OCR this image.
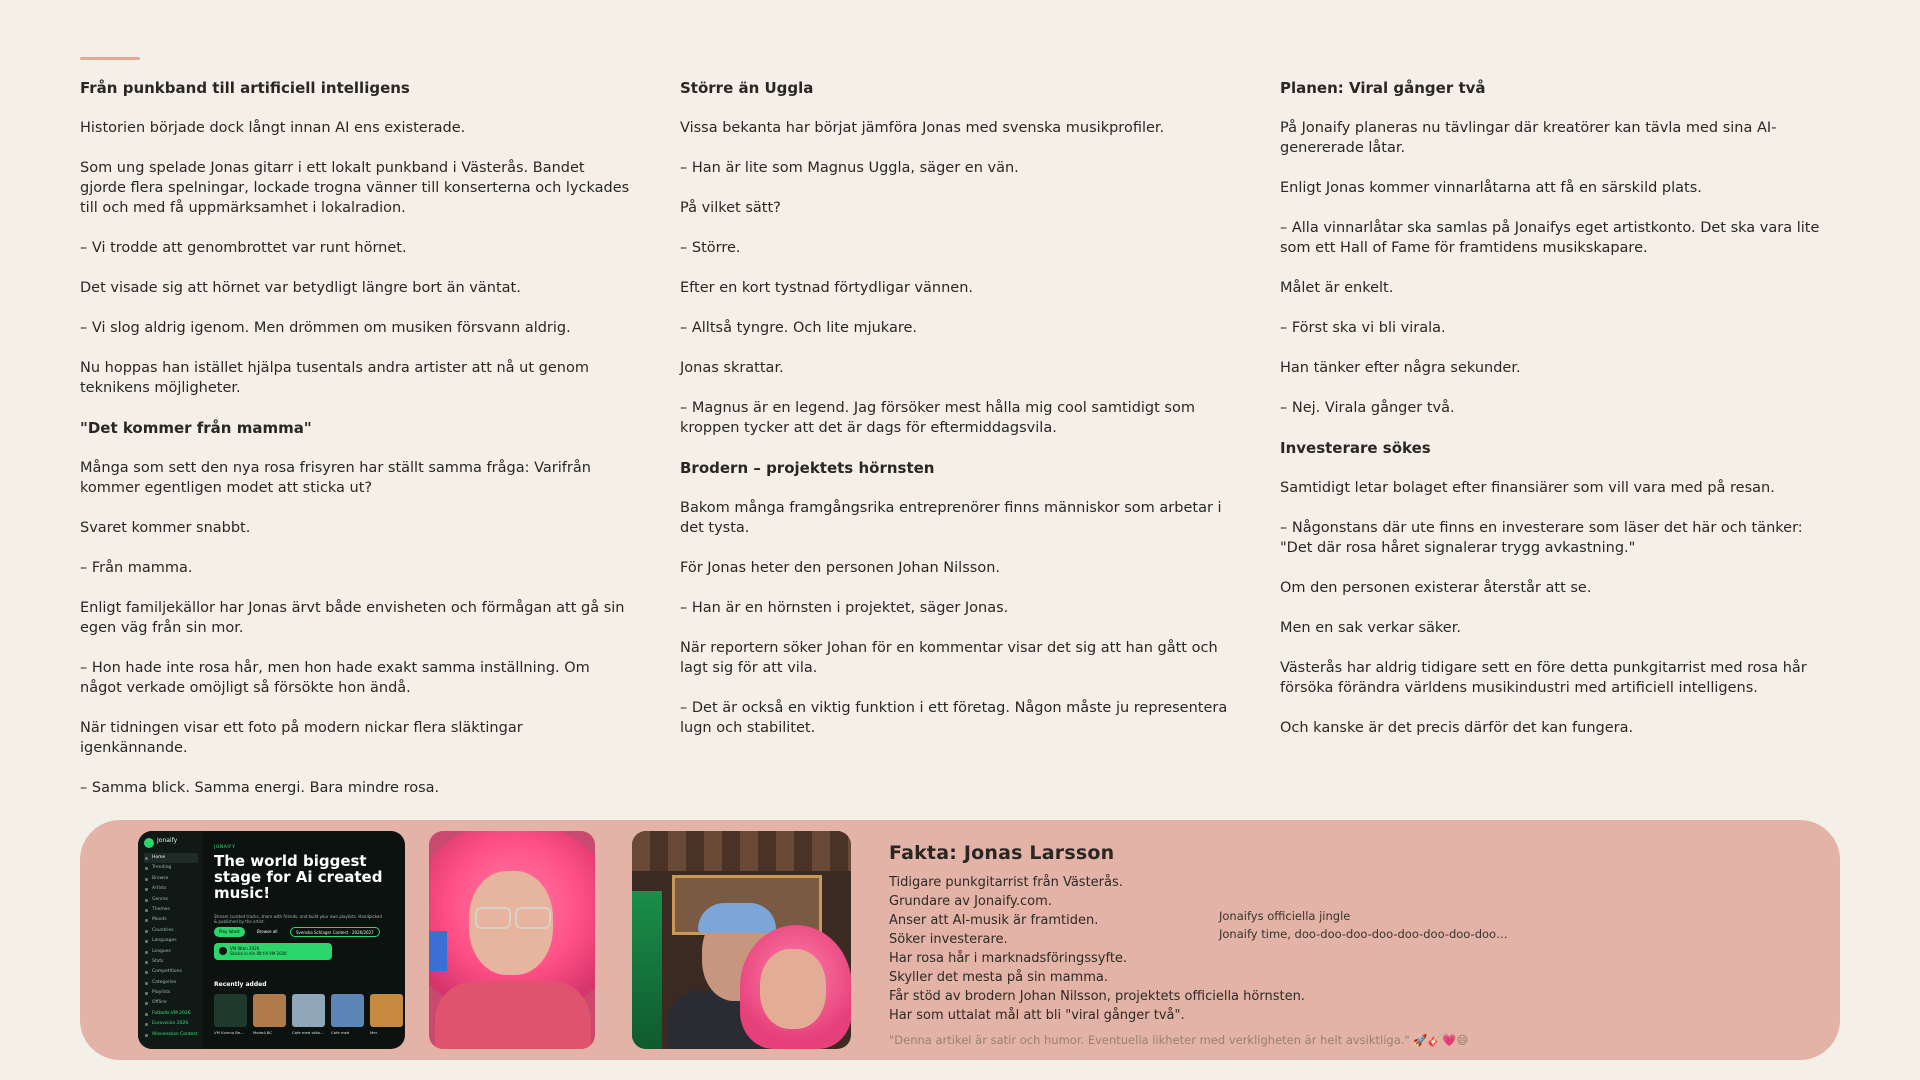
Från punkband till artificiell intelligens

Historien började dock långt innan AI ens existerade.

Som ung spelade Jonas gitarr i ett lokalt punkband i Västerås. Bandet gjorde flera spelningar, lockade trogna vänner till konserterna och lyckades till och med få uppmärksamhet i lokalradion.

– Vi trodde att genombrottet var runt hörnet.

Det visade sig att hörnet var betydligt längre bort än väntat.

– Vi slog aldrig igenom. Men drömmen om musiken försvann aldrig.

Nu hoppas han istället hjälpa tusentals andra artister att nå ut genom teknikens möjligheter.

"Det kommer från mamma"

Många som sett den nya rosa frisyren har ställt samma fråga: Varifrån kommer egentligen modet att sticka ut?

Svaret kommer snabbt.

– Från mamma.

Enligt familjekällor har Jonas ärvt både envisheten och förmågan att gå sin egen väg från sin mor.

– Hon hade inte rosa hår, men hon hade exakt samma inställning. Om något verkade omöjligt så försökte hon ändå.

När tidningen visar ett foto på modern nickar flera släktingar igenkännande.

– Samma blick. Samma energi. Bara mindre rosa.

Större än Uggla

Vissa bekanta har börjat jämföra Jonas med svenska musikprofiler.

– Han är lite som Magnus Uggla, säger en vän.

På vilket sätt?

– Större.

Efter en kort tystnad förtydligar vännen.

– Alltså tyngre. Och lite mjukare.

Jonas skrattar.

– Magnus är en legend. Jag försöker mest hålla mig cool samtidigt som kroppen tycker att det är dags för eftermiddagsvila.

Brodern – projektets hörnsten

Bakom många framgångsrika entreprenörer finns människor som arbetar i det tysta.

För Jonas heter den personen Johan Nilsson.

– Han är en hörnsten i projektet, säger Jonas.

När reportern söker Johan för en kommentar visar det sig att han gått och lagt sig för att vila.

– Det är också en viktig funktion i ett företag. Någon måste ju representera lugn och stabilitet.

Planen: Viral gånger två

På Jonaify planeras nu tävlingar där kreatörer kan tävla med sina AI-genererade låtar.

Enligt Jonas kommer vinnarlåtarna att få en särskild plats.

– Alla vinnarlåtar ska samlas på Jonaifys eget artistkonto. Det ska vara lite som ett Hall of Fame för framtidens musikskapare.

Målet är enkelt.

– Först ska vi bli virala.

Han tänker efter några sekunder.

– Nej. Virala gånger två.

Investerare sökes

Samtidigt letar bolaget efter finansiärer som vill vara med på resan.

– Någonstans där ute finns en investerare som läser det här och tänker: "Det där rosa håret signalerar trygg avkastning."

Om den personen existerar återstår att se.

Men en sak verkar säker.

Västerås har aldrig tidigare sett en före detta punkgitarrist med rosa hår försöka förändra världens musikindustri med artificiell intelligens.

Och kanske är det precis därför det kan fungera.

Jonaify
Home
Trending
Browse
Artists
Genres
Themes
Moods
Countries
Languages
Leagues
Stats
Competitions
Categories
Playlists
Offline
Fotbolls-VM 2026
Eurovision 2026
Allsvenskan Contest
JONAIFY
The world biggest stage for Ai created music!
Stream curated tracks, share with friends, and build your own playlists. Handpicked & published by the artist.
Play latest	Browse all	Svenska Schlager Contest · 2026/2027
VM-låten 2026
Skicka in din låt till VM 2026
Recently added
VM Kvinno Be...	Malmö BC	Cafe med skön...	Cafe med	Mer
Fakta: Jonas Larsson
Tidigare punkgitarrist från Västerås.
Grundare av Jonaify.com.
Anser att AI-musik är framtiden.
Söker investerare.
Har rosa hår i marknadsföringssyfte.
Skyller det mesta på sin mamma.
Får stöd av brodern Johan Nilsson, projektets officiella hörnsten.
Har som uttalat mål att bli "viral gånger två".
Jonaifys officiella jingle
Jonaify time, doo-doo-doo-doo-doo-doo-doo-doo…
"Denna artikel är satir och humor. Eventuella likheter med verkligheten är helt avsiktliga." 🚀🎸💗😄
